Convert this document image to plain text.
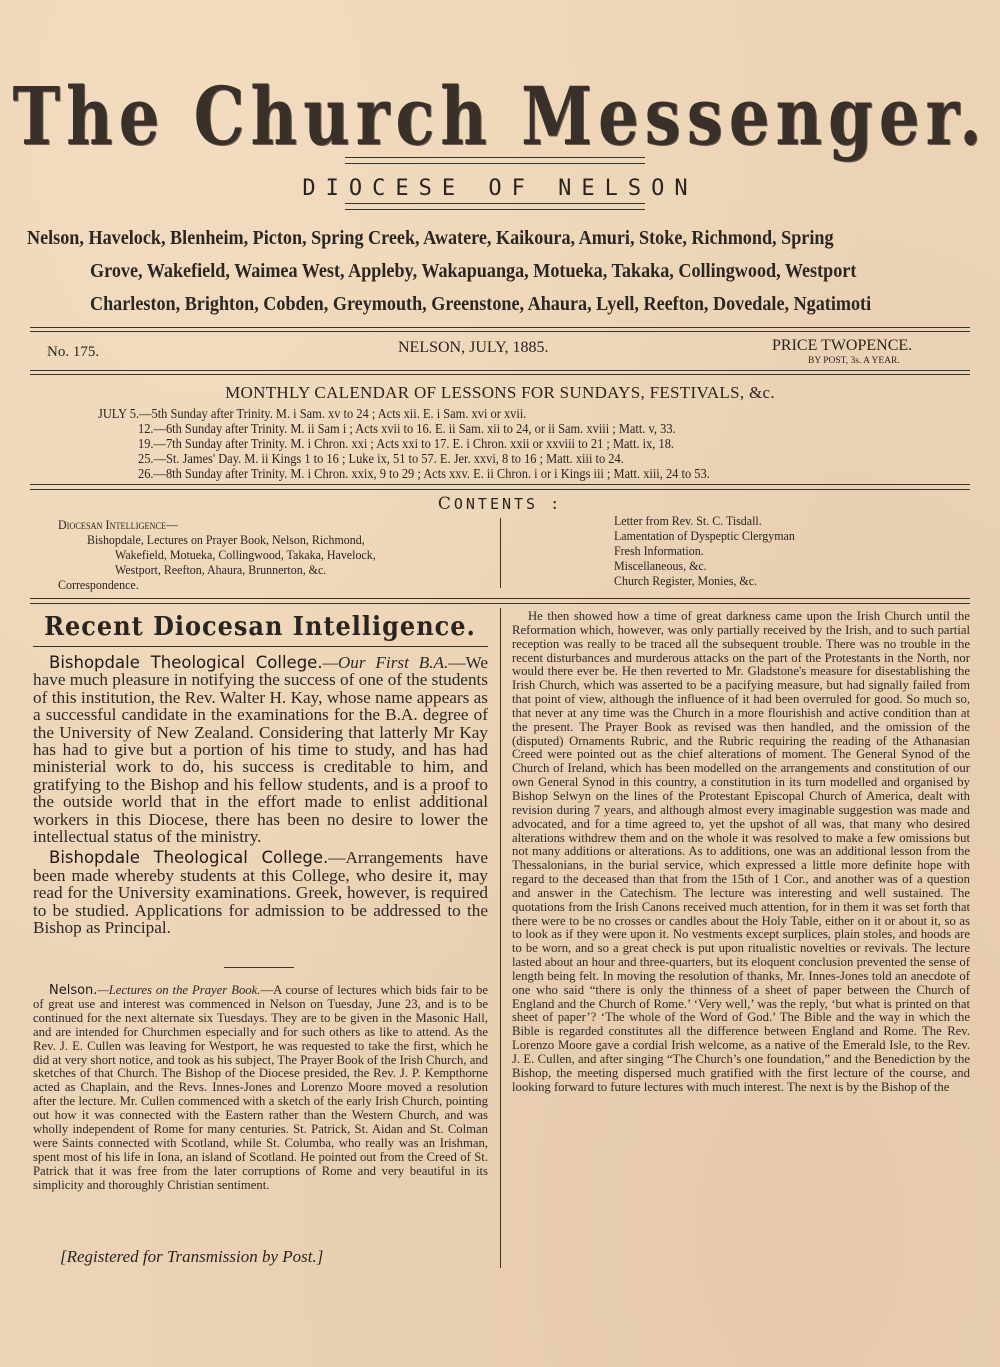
The Church Messenger.
DIOCESE OF NELSON
Nelson, Havelock, Blenheim, Picton, Spring Creek, Awatere, Kaikoura, Amuri, Stoke, Richmond, Spring
Grove, Wakefield, Waimea West, Appleby, Wakapuanga, Motueka, Takaka, Collingwood, Westport
Charleston, Brighton, Cobden, Greymouth, Greenstone, Ahaura, Lyell, Reefton, Dovedale, Ngatimoti
No. 175.	NELSON, JULY, 1885.	PRICE TWOPENCE.
BY POST, 3s. A YEAR.
MONTHLY CALENDAR OF LESSONS FOR SUNDAYS, FESTIVALS, &c.
JULY 5.—5th Sunday after Trinity. M. i Sam. xv to 24 ; Acts xii. E. i Sam. xvi or xvii.
12.—6th Sunday after Trinity. M. ii Sam i ; Acts xvii to 16. E. ii Sam. xii to 24, or ii Sam. xviii ; Matt. v, 33.
19.—7th Sunday after Trinity. M. i Chron. xxi ; Acts xxi to 17. E. i Chron. xxii or xxviii to 21 ; Matt. ix, 18.
25.—St. James' Day. M. ii Kings 1 to 16 ; Luke ix, 51 to 57. E. Jer. xxvi, 8 to 16 ; Matt. xiii to 24.
26.—8th Sunday after Trinity. M. i Chron. xxix, 9 to 29 ; Acts xxv. E. ii Chron. i or i Kings iii ; Matt. xiii, 24 to 53.
CONTENTS :
Diocesan Intelligence—
Bishopdale, Lectures on Prayer Book, Nelson, Richmond,
Wakefield, Motueka, Collingwood, Takaka, Havelock,
Westport, Reefton, Ahaura, Brunnerton, &c.
Correspondence.
Letter from Rev. St. C. Tisdall.
Lamentation of Dyspeptic Clergyman
Fresh Information.
Miscellaneous, &c.
Church Register, Monies, &c.
Recent Diocesan Intelligence.

Bishopdale Theological College.—Our First B.A.—We have much pleasure in notifying the success of one of the students of this institution, the Rev. Walter H. Kay, whose name appears as a successful candidate in the examinations for the B.A. degree of the University of New Zealand. Considering that latterly Mr Kay has had to give but a portion of his time to study, and has had ministerial work to do, his success is creditable to him, and gratifying to the Bishop and his fellow students, and is a proof to the outside world that in the effort made to enlist additional workers in this Diocese, there has been no desire to lower the intellectual status of the ministry.

Bishopdale Theological College.—Arrangements have been made whereby students at this College, who desire it, may read for the University examinations. Greek, however, is required to be studied. Applications for admission to be addressed to the Bishop as Principal.

Nelson.—Lectures on the Prayer Book.—A course of lectures which bids fair to be of great use and interest was commenced in Nelson on Tuesday, June 23, and is to be continued for the next alternate six Tuesdays. They are to be given in the Masonic Hall, and are intended for Churchmen especially and for such others as like to attend. As the Rev. J. E. Cullen was leaving for Westport, he was requested to take the first, which he did at very short notice, and took as his subject, The Prayer Book of the Irish Church, and sketches of that Church. The Bishop of the Diocese presided, the Rev. J. P. Kempthorne acted as Chaplain, and the Revs. Innes-Jones and Lorenzo Moore moved a resolution after the lecture. Mr. Cullen commenced with a sketch of the early Irish Church, pointing out how it was connected with the Eastern rather than the Western Church, and was wholly independent of Rome for many centuries. St. Patrick, St. Aidan and St. Colman were Saints connected with Scotland, while St. Columba, who really was an Irishman, spent most of his life in Iona, an island of Scotland. He pointed out from the Creed of St. Patrick that it was free from the later corruptions of Rome and very beautiful in its simplicity and thoroughly Christian sentiment.

[Registered for Transmission by Post.]

He then showed how a time of great darkness came upon the Irish Church until the Reformation which, however, was only partially received by the Irish, and to such partial reception was really to be traced all the subsequent trouble. There was no trouble in the recent disturbances and murderous attacks on the part of the Protestants in the North, nor would there ever be. He then reverted to Mr. Gladstone's measure for disestablishing the Irish Church, which was asserted to be a pacifying measure, but had signally failed from that point of view, although the influence of it had been overruled for good. So much so, that never at any time was the Church in a more flourishish and active condition than at the present. The Prayer Book as revised was then handled, and the omission of the (disputed) Ornaments Rubric, and the Rubric requiring the reading of the Athanasian Creed were pointed out as the chief alterations of moment. The General Synod of the Church of Ireland, which has been modelled on the arrangements and constitution of our own General Synod in this country, a constitution in its turn modelled and organised by Bishop Selwyn on the lines of the Protestant Episcopal Church of America, dealt with revision during 7 years, and although almost every imaginable suggestion was made and advocated, and for a time agreed to, yet the upshot of all was, that many who desired alterations withdrew them and on the whole it was resolved to make a few omissions but not many additions or alterations. As to additions, one was an additional lesson from the Thessalonians, in the burial service, which expressed a little more definite hope with regard to the deceased than that from the 15th of 1 Cor., and another was of a question and answer in the Catechism. The lecture was interesting and well sustained. The quotations from the Irish Canons received much attention, for in them it was set forth that there were to be no crosses or candles about the Holy Table, either on it or about it, so as to look as if they were upon it. No vestments except surplices, plain stoles, and hoods are to be worn, and so a great check is put upon ritualistic novelties or revivals. The lecture lasted about an hour and three-quarters, but its eloquent conclusion prevented the sense of length being felt. In moving the resolution of thanks, Mr. Innes-Jones told an anecdote of one who said “there is only the thinness of a sheet of paper between the Church of England and the Church of Rome.’ ‘Very well,’ was the reply, ‘but what is printed on that sheet of paper’? ‘The whole of the Word of God.’ The Bible and the way in which the Bible is regarded constitutes all the difference between England and Rome. The Rev. Lorenzo Moore gave a cordial Irish welcome, as a native of the Emerald Isle, to the Rev. J. E. Cullen, and after singing “The Church’s one foundation,” and the Benediction by the Bishop, the meeting dispersed much gratified with the first lecture of the course, and looking forward to future lectures with much interest. The next is by the Bishop of the
